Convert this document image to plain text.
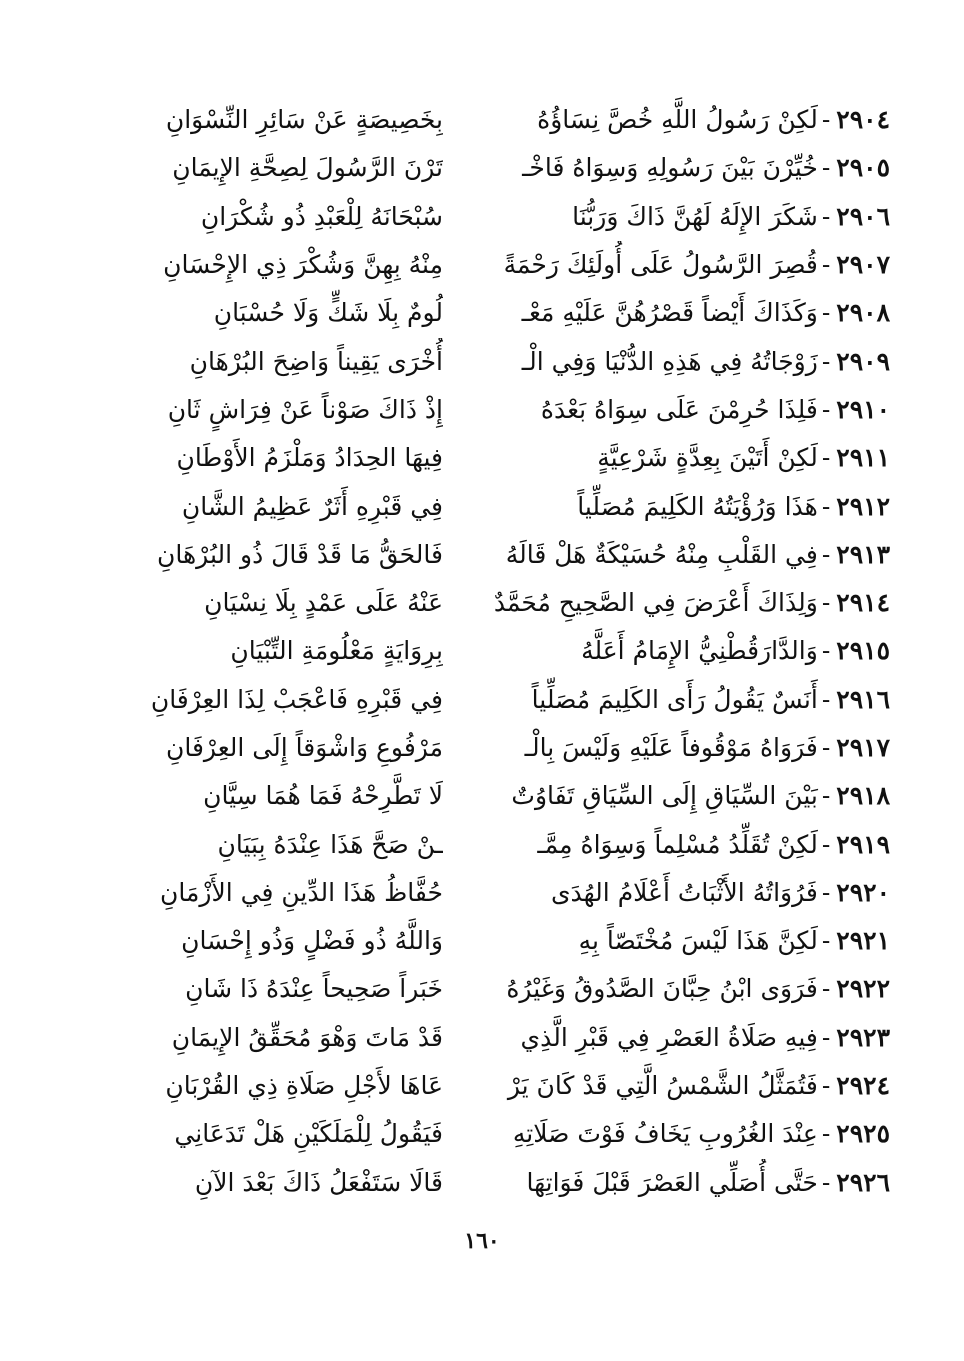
٢٩٠٤
-
لَكِنْ رَسُولُ اللَّهِ خُصَّ نِسَاؤُهُ
بِخَصِيصَةٍ عَنْ سَائِرِ النِّسْوَانِ
٢٩٠٥
-
خُيِّرْنَ بَيْنَ رَسُولِهِ وَسِوَاهُ فَاخْـ
تَرْنَ الرَّسُولَ لِصِحَّةِ الإِيمَانِ
٢٩٠٦
-
شَكَرَ الإِلَهُ لَهُنَّ ذَاكَ وَرَبُّنَا
سُبْحَانَهُ لِلْعَبْدِ ذُو شُكْرَانِ
٢٩٠٧
-
قُصِرَ الرَّسُولُ عَلَى أُولَئِكَ رَحْمَةً
مِنْهُ بِهِنَّ وَشُكْرَ ذِي الإِحْسَانِ
٢٩٠٨
-
وَكَذَاكَ أَيْضاً قَصْرُهُنَّ عَلَيْهِ مَعْـ
لُومٌ بِلَا شَكٍّ وَلَا حُسْبَانِ
٢٩٠٩
-
زَوْجَاتُهُ فِي هَذِهِ الدُّنْيَا وَفِي الْـ
أُخْرَى يَقِيناً وَاضِحَ البُرْهَانِ
٢٩١٠
-
فَلِذَا حُرِمْنَ عَلَى سِوَاهُ بَعْدَهُ
إِذْ ذَاكَ صَوْناً عَنْ فِرَاشٍ ثَانِ
٢٩١١
-
لَكِنْ أَتَيْنَ بِعِدَّةٍ شَرْعِيَّةٍ
فِيهَا الحِدَادُ وَمَلْزَمُ الأَوْطَانِ
٢٩١٢
-
هَذَا وَرُؤْيَتُهُ الكَلِيمَ مُصَلِّياً
فِي قَبْرِهِ أَثَرٌ عَظِيمُ الشَّانِ
٢٩١٣
-
فِي القَلْبِ مِنْهُ حُسَيْكَةٌ هَلْ قَالَهُ
فَالحَقُّ مَا قَدْ قَالَ ذُو البُرْهَانِ
٢٩١٤
-
وَلِذَاكَ أَعْرَضَ فِي الصَّحِيحِ مُحَمَّدٌ
عَنْهُ عَلَى عَمْدٍ بِلَا نِسْيَانِ
٢٩١٥
-
وَالدَّارَقُطْنِيُّ الإِمَامُ أَعَلَّهُ
بِرِوَايَةٍ مَعْلُومَةِ التِّبْيَانِ
٢٩١٦
-
أَنَسٌ يَقُولُ رَأَى الكَلِيمَ مُصَلِّياً
فِي قَبْرِهِ فَاعْجَبْ لِذَا العِرْفَانِ
٢٩١٧
-
فَرَوَاهُ مَوْقُوفاً عَلَيْهِ وَلَيْسَ بِالْـ
مَرْفُوعِ وَاشْوَقاً إِلَى العِرْفَانِ
٢٩١٨
-
بَيْنَ السِّيَاقِ إِلَى السِّيَاقِ تَفَاوُتٌ
لَا تَطَّرِحْهُ فَمَا هُمَا سِيَّانِ
٢٩١٩
-
لَكِنْ تُقَلِّدُ مُسْلِماً وَسِوَاهُ مِمَّـ
ـنْ صَحَّ هَذَا عِنْدَهُ بِبَيَانِ
٢٩٢٠
-
فَرُوَاتُهُ الأَثْبَاتُ أَعْلَامُ الهُدَى
حُفَّاظُ هَذَا الدِّينِ فِي الأَزْمَانِ
٢٩٢١
-
لَكِنَّ هَذَا لَيْسَ مُخْتَصّاً بِهِ
وَاللَّهُ ذُو فَضْلٍ وَذُو إِحْسَانِ
٢٩٢٢
-
فَرَوَى ابْنُ حِبَّانَ الصَّدُوقُ وَغَيْرُهُ
خَبَراً صَحِيحاً عِنْدَهُ ذَا شَانِ
٢٩٢٣
-
فِيهِ صَلَاةُ العَصْرِ فِي قَبْرِ الَّذِي
قَدْ مَاتَ وَهْوَ مُحَقِّقُ الإِيمَانِ
٢٩٢٤
-
فَتُمَثَّلُ الشَّمْسُ الَّتِي قَدْ كَانَ يَرْ
عَاهَا لأَجْلِ صَلَاةِ ذِي القُرْبَانِ
٢٩٢٥
-
عِنْدَ الغُرُوبِ يَخَافُ فَوْتَ صَلَاتِهِ
فَيَقُولُ لِلْمَلَكَيْنِ هَلْ تَدَعَانِي
٢٩٢٦
-
حَتَّى أُصَلِّي العَصْرَ قَبْلَ فَوَاتِهَا
قَالَا سَتَفْعَلُ ذَاكَ بَعْدَ الآنِ
١٦٠
